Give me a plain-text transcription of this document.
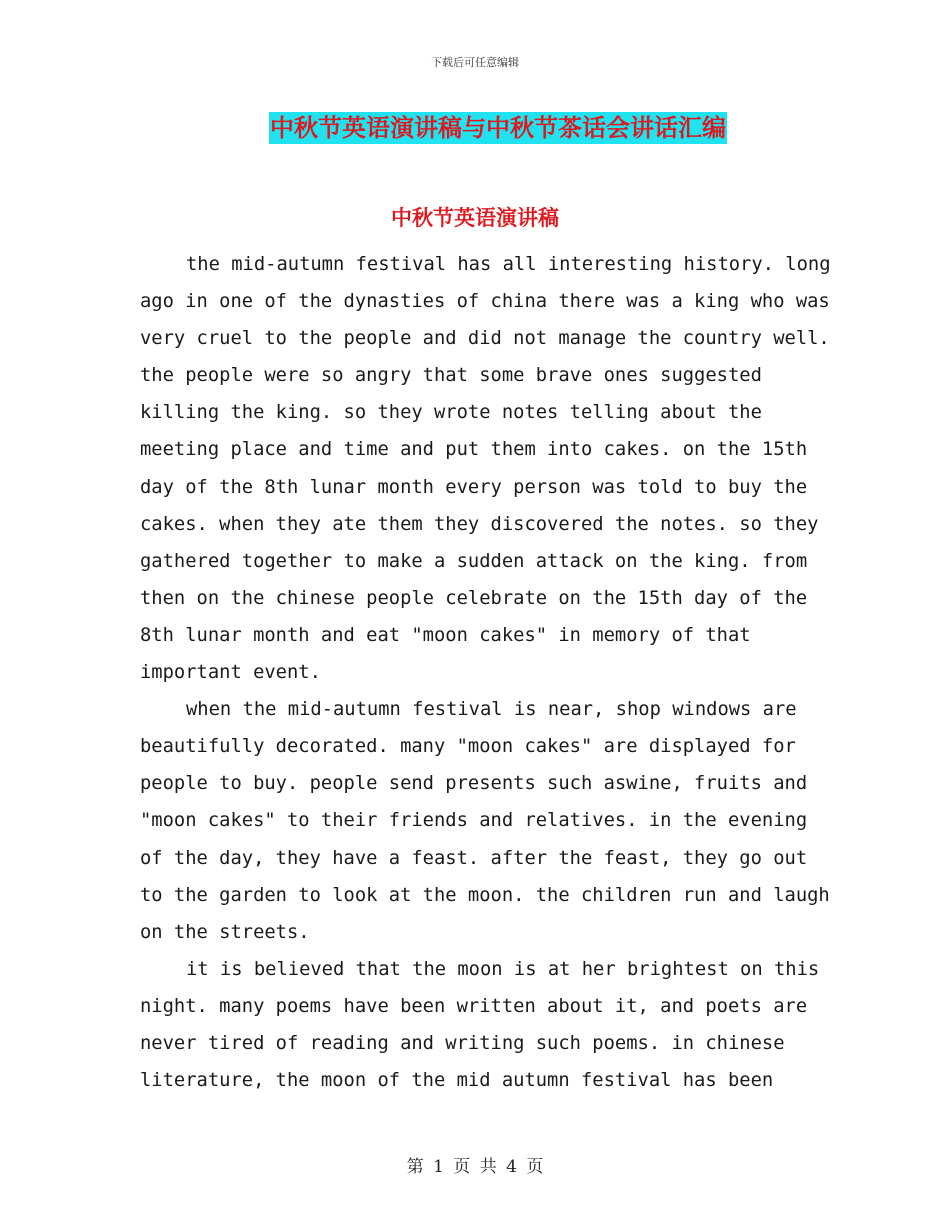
下载后可任意编辑
中秋节英语演讲稿与中秋节茶话会讲话汇编
中秋节英语演讲稿
the mid-autumn festival has all interesting history. long
ago in one of the dynasties of china there was a king who was
very cruel to the people and did not manage the country well.
the people were so angry that some brave ones suggested
killing the king. so they wrote notes telling about the
meeting place and time and put them into cakes. on the 15th
day of the 8th lunar month every person was told to buy the
cakes. when they ate them they discovered the notes. so they
gathered together to make a sudden attack on the king. from
then on the chinese people celebrate on the 15th day of the
8th lunar month and eat "moon cakes" in memory of that
important event.
when the mid-autumn festival is near, shop windows are
beautifully decorated. many "moon cakes" are displayed for
people to buy. people send presents such aswine, fruits and
"moon cakes" to their friends and relatives. in the evening
of the day, they have a feast. after the feast, they go out
to the garden to look at the moon. the children run and laugh
on the streets.
it is believed that the moon is at her brightest on this
night. many poems have been written about it, and poets are
never tired of reading and writing such poems. in chinese
literature, the moon of the mid autumn festival has been
第 1 页 共 4 页
